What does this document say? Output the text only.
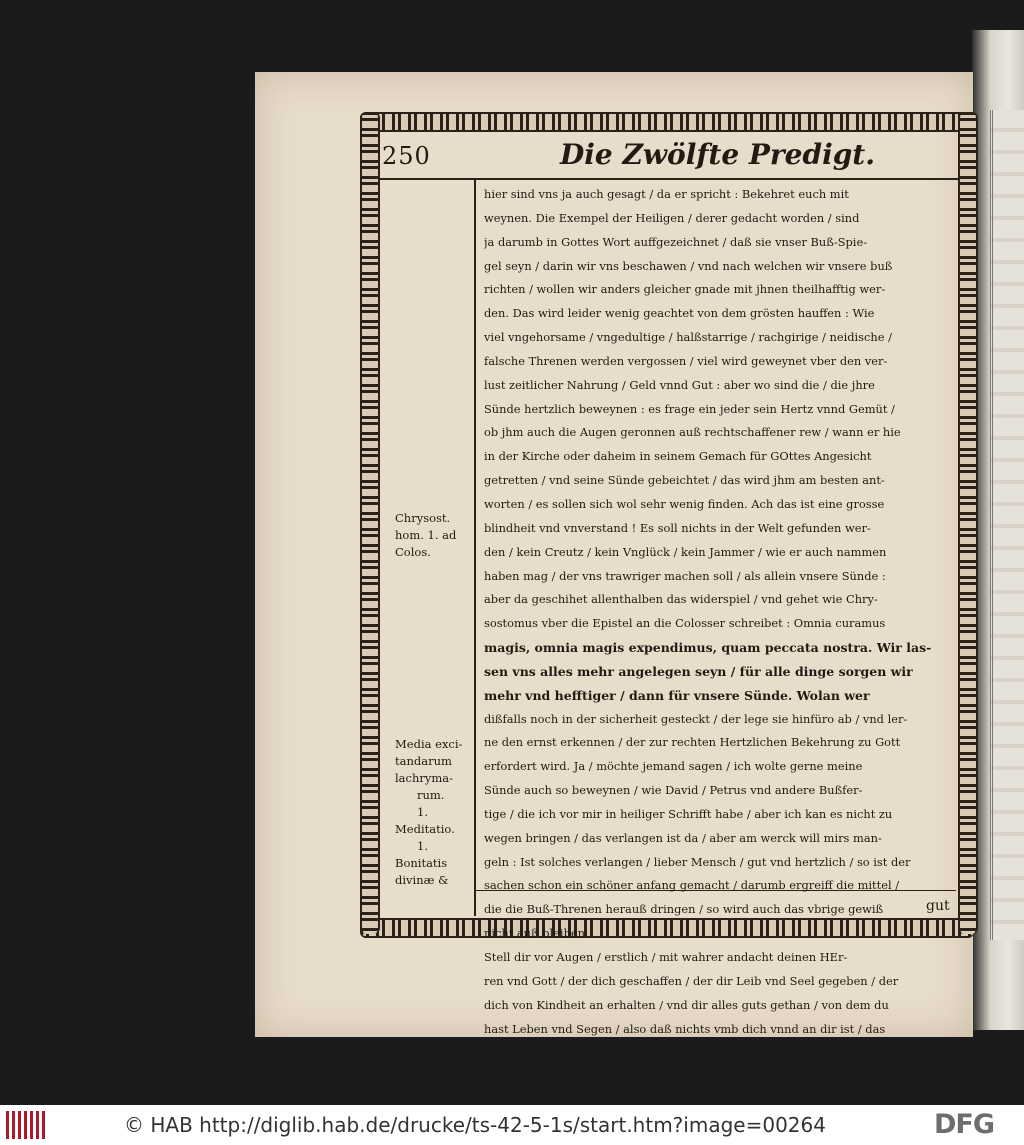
250	Die Zwölfte Predigt.
hier sind vns ja auch gesagt / da er spricht : Bekehret euch mit
weynen. Die Exempel der Heiligen / derer gedacht worden / sind
ja darumb in Gottes Wort auffgezeichnet / daß sie vnser Buß-Spie-
gel seyn / darin wir vns beschawen / vnd nach welchen wir vnsere buß
richten / wollen wir anders gleicher gnade mit jhnen theilhafftig wer-
den. Das wird leider wenig geachtet von dem grösten hauffen : Wie
viel vngehorsame / vngedultige / halßstarrige / rachgirige / neidische /
falsche Threnen werden vergossen / viel wird geweynet vber den ver-
lust zeitlicher Nahrung / Geld vnnd Gut : aber wo sind die / die jhre
Sünde hertzlich beweynen : es frage ein jeder sein Hertz vnnd Gemüt /
ob jhm auch die Augen geronnen auß rechtschaffener rew / wann er hie
in der Kirche oder daheim in seinem Gemach für GOttes Angesicht
getretten / vnd seine Sünde gebeichtet / das wird jhm am besten ant-
worten / es sollen sich wol sehr wenig finden. Ach das ist eine grosse
blindheit vnd vnverstand ! Es soll nichts in der Welt gefunden wer-
den / kein Creutz / kein Vnglück / kein Jammer / wie er auch nammen
haben mag / der vns trawriger machen soll / als allein vnsere Sünde :
aber da geschihet allenthalben das widerspiel / vnd gehet wie Chry-
sostomus vber die Epistel an die Colosser schreibet : Omnia curamus
magis, omnia magis expendimus, quam peccata nostra. Wir las-
sen vns alles mehr angelegen seyn / für alle dinge sorgen wir
mehr vnd hefftiger / dann für vnsere Sünde. Wolan wer
dißfalls noch in der sicherheit gesteckt / der lege sie hinfüro ab / vnd ler-
ne den ernst erkennen / der zur rechten Hertzlichen Bekehrung zu Gott
erfordert wird. Ja / möchte jemand sagen / ich wolte gerne meine
Sünde auch so beweynen / wie David / Petrus vnd andere Bußfer-
tige / die ich vor mir in heiliger Schrifft habe / aber ich kan es nicht zu
wegen bringen / das verlangen ist da / aber am werck will mirs man-
geln : Ist solches verlangen / lieber Mensch / gut vnd hertzlich / so ist der
sachen schon ein schöner anfang gemacht / darumb ergreiff die mittel /
die die Buß-Threnen herauß dringen / so wird auch das vbrige gewiß
nicht auß bleiben.
Stell dir vor Augen / erstlich / mit wahrer andacht deinen HEr-
ren vnd Gott / der dich geschaffen / der dir Leib vnd Seel gegeben / der
dich von Kindheit an erhalten / vnd dir alles guts gethan / von dem du
hast Leben vnd Segen / also daß nichts vmb dich vnnd an dir ist / das
Chrysost.
hom. 1. ad
Colos.
Media exci-
tandarum
lachryma-
rum.
1.
Meditatio.
1.
Bonitatis
divinæ &
gut
© HAB http://diglib.hab.de/drucke/ts-42-5-1s/start.htm?image=00264	DFG
